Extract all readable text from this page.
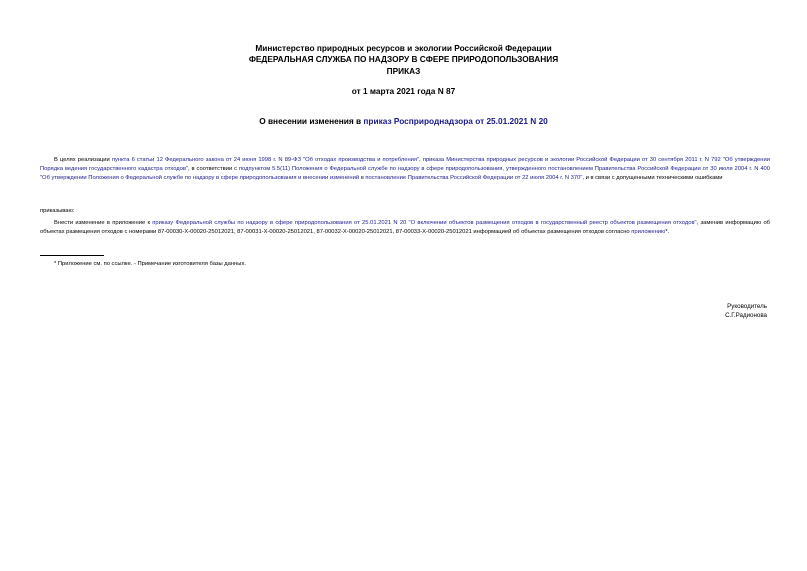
Министерство природных ресурсов и экологии Российской Федерации
ФЕДЕРАЛЬНАЯ СЛУЖБА ПО НАДЗОРУ В СФЕРЕ ПРИРОДОПОЛЬЗОВАНИЯ
ПРИКАЗ
от 1 марта 2021 года N 87
О внесении изменения в приказ Росприроднадзора от 25.01.2021 N 20
В целях реализации пункта 6 статьи 12 Федерального закона от 24 июня 1998 г. N 89-ФЗ "Об отходах производства и потребления", приказа Министерства природных ресурсов и экологии Российской Федерации от 30 сентября 2011 г. N 792 "Об утверждении Порядка ведения государственного кадастра отходов", в соответствии с подпунктом 5.5(11) Положения о Федеральной службе по надзору в сфере природопользования, утвержденного постановлением Правительства Российской Федерации от 30 июля 2004 г. N 400 "Об утверждении Положения о Федеральной службе по надзору в сфере природопользования и внесении изменений в постановление Правительства Российской Федерации от 22 июля 2004 г. N 370", и в связи с допущенными техническими ошибками
приказываю:
Внести изменение в приложение к приказу Федеральной службы по надзору в сфере природопользования от 25.01.2021 N 20 "О включении объектов размещения отходов в государственный реестр объектов размещения отходов", заменив информацию об объектах размещения отходов с номерами 87-00030-Х-00020-25012021, 87-00031-Х-00020-25012021, 87-00032-Х-00020-25012021, 87-00033-Х-00020-25012021 информацией об объектах размещения отходов согласно приложению*.
* Приложение см. по ссылке. - Примечание изготовителя базы данных.
Руководитель
С.Г.Радионова
